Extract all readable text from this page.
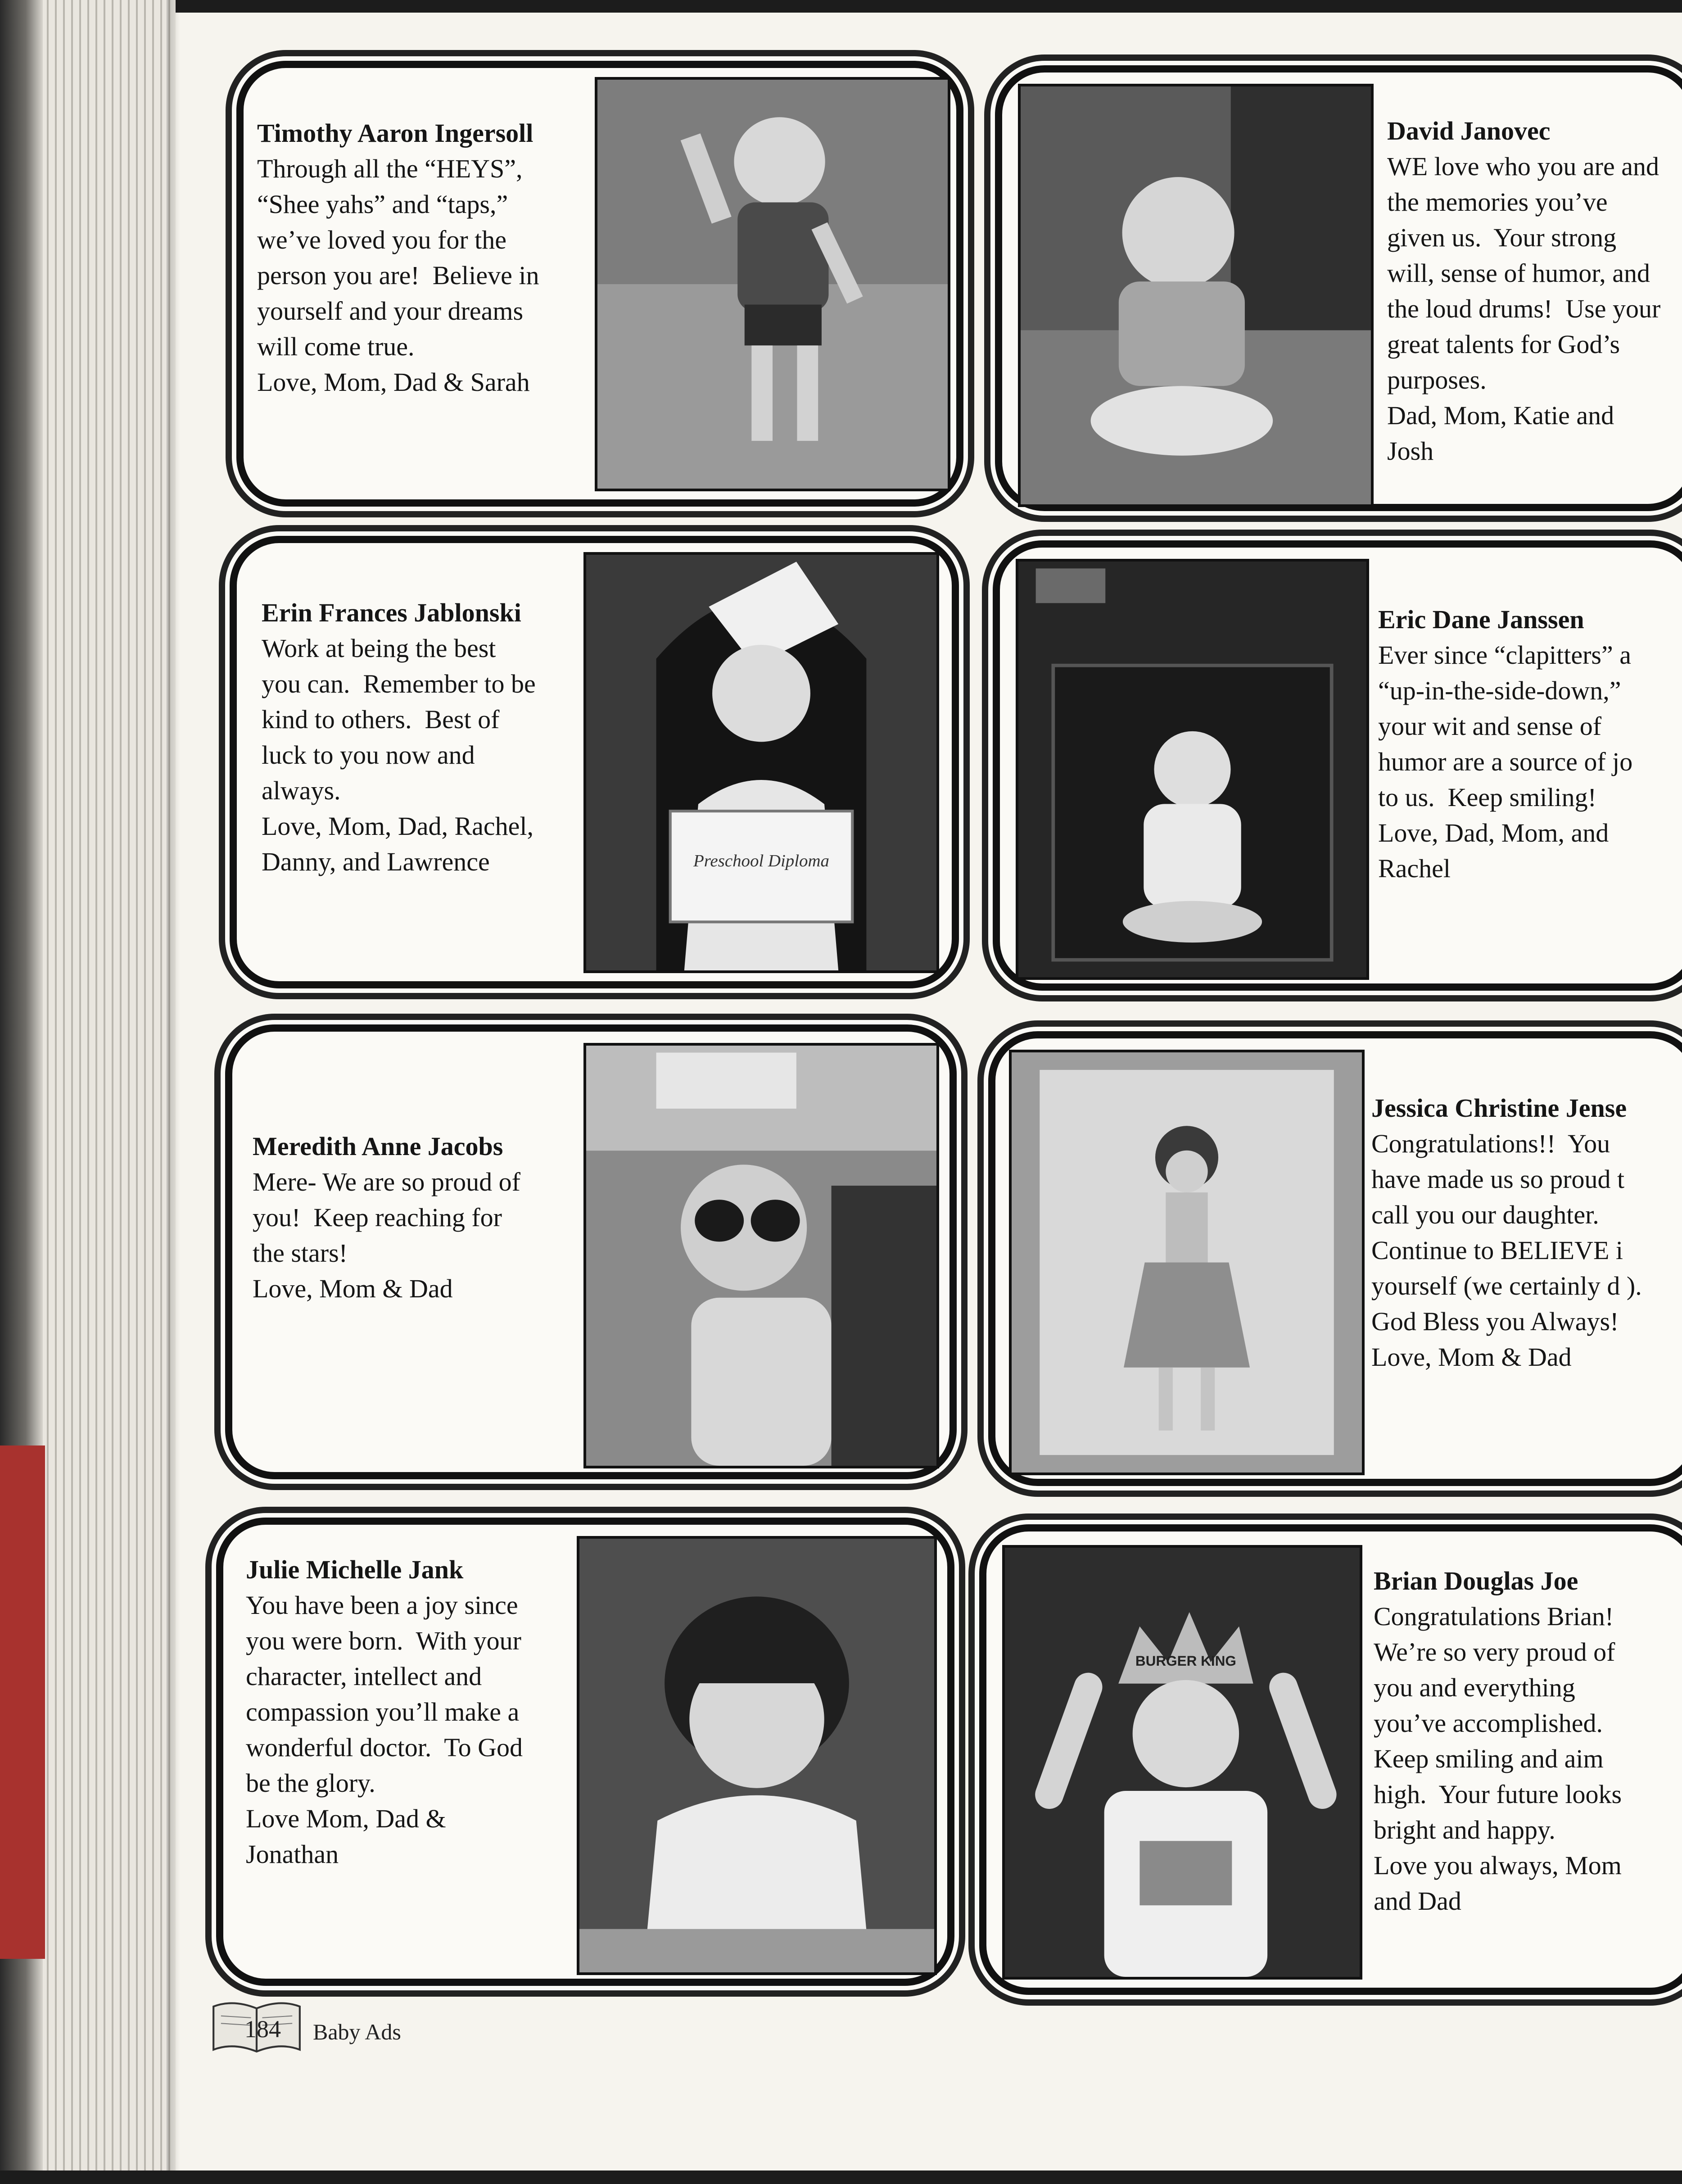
Timothy Aaron Ingersoll
Through all the “HEYS”,
“Shee yahs” and “taps,”
we’ve loved you for the
person you are!  Believe in
yourself and your dreams
will come true.
Love, Mom, Dad & Sarah
David Janovec
WE love who you are and
the memories you’ve
given us.  Your strong
will, sense of humor, and
the loud drums!  Use your
great talents for God’s
purposes.
Dad, Mom, Katie and
Josh
Erin Frances Jablonski
Work at being the best
you can.  Remember to be
kind to others.  Best of
luck to you now and
always.
Love, Mom, Dad, Rachel,
Danny, and Lawrence	Preschool Diploma
Eric Dane Janssen
Ever since “clapitters” a
“up-in-the-side-down,”
your wit and sense of
humor are a source of jo
to us.  Keep smiling!
Love, Dad, Mom, and
Rachel
Meredith Anne Jacobs
Mere- We are so proud of
you!  Keep reaching for
the stars!
Love, Mom & Dad
Jessica Christine Jense
Congratulations!!  You
have made us so proud t
call you our daughter.
Continue to BELIEVE i
yourself (we certainly d ).
God Bless you Always!
Love, Mom & Dad
Julie Michelle Jank
You have been a joy since
you were born.  With your
character, intellect and
compassion you’ll make a
wonderful doctor.  To God
be the glory.
Love Mom, Dad &
Jonathan
BURGER KING
Brian Douglas Joe
Congratulations Brian!
We’re so very proud of
you and everything
you’ve accomplished.
Keep smiling and aim
high.  Your future looks
bright and happy.
Love you always, Mom
and Dad
184 Baby Ads
